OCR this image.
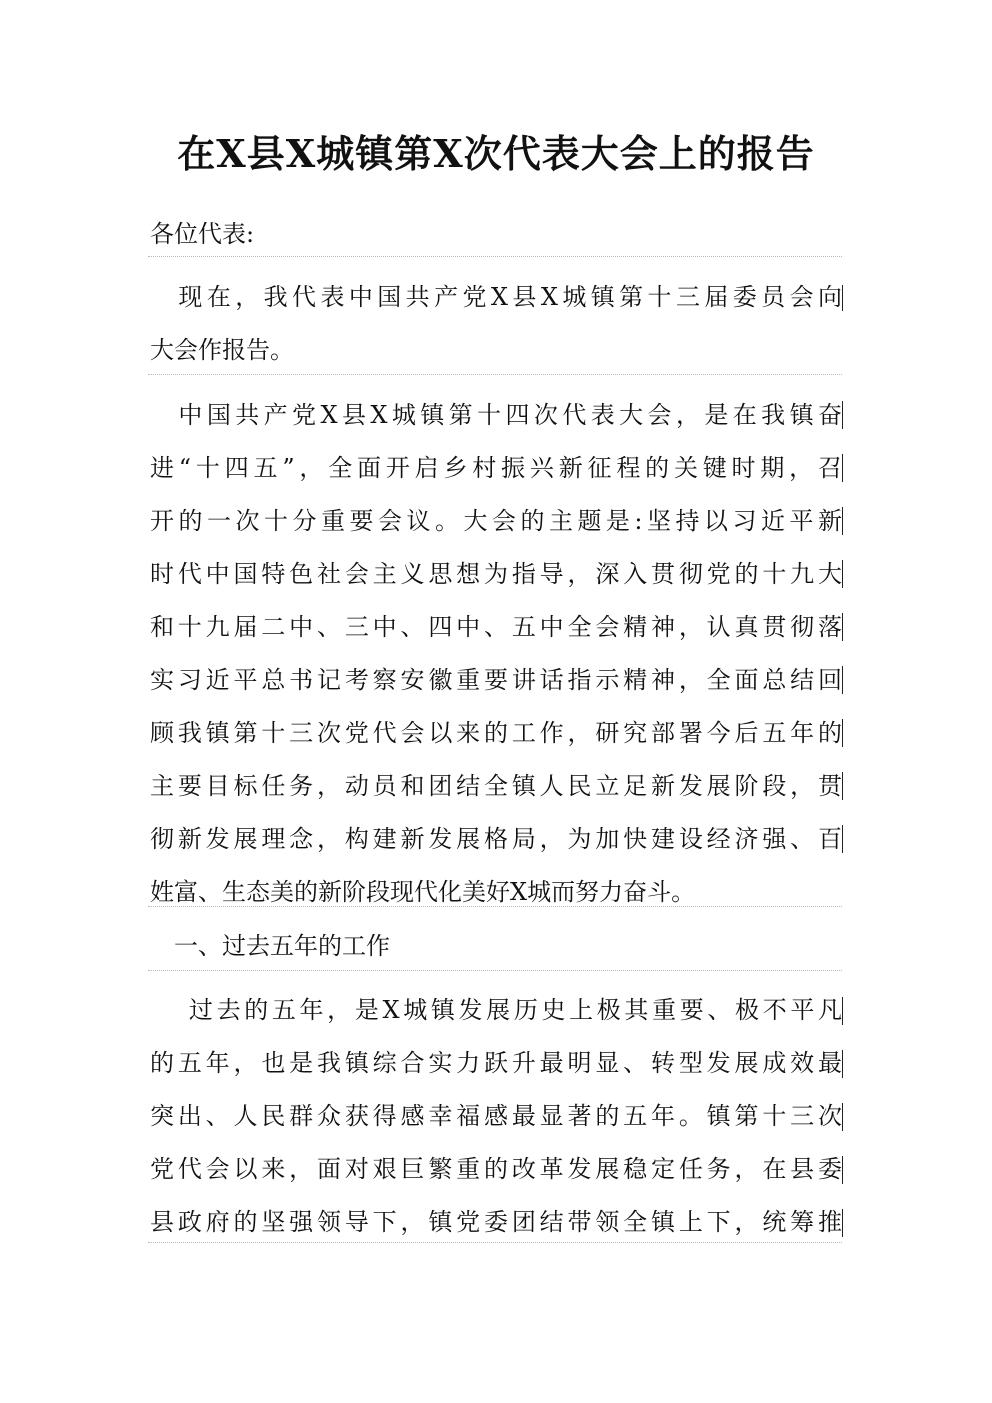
在X县X城镇第X次代表大会上的报告
各位代表:
　现在，我代表中国共产党X县X城镇第十三届委员会向
大会作报告。
　中国共产党X县X城镇第十四次代表大会，是在我镇奋
进“十四五”，全面开启乡村振兴新征程的关键时期，召
开的一次十分重要会议。大会的主题是:坚持以习近平新
时代中国特色社会主义思想为指导，深入贯彻党的十九大
和十九届二中、三中、四中、五中全会精神，认真贯彻落
实习近平总书记考察安徽重要讲话指示精神，全面总结回
顾我镇第十三次党代会以来的工作，研究部署今后五年的
主要目标任务，动员和团结全镇人民立足新发展阶段，贯
彻新发展理念，构建新发展格局，为加快建设经济强、百
姓富、生态美的新阶段现代化美好X城而努力奋斗。
　一、过去五年的工作
　 过去的五年，是X城镇发展历史上极其重要、极不平凡
的五年，也是我镇综合实力跃升最明显、转型发展成效最
突出、人民群众获得感幸福感最显著的五年。镇第十三次
党代会以来，面对艰巨繁重的改革发展稳定任务，在县委
县政府的坚强领导下，镇党委团结带领全镇上下，统筹推
